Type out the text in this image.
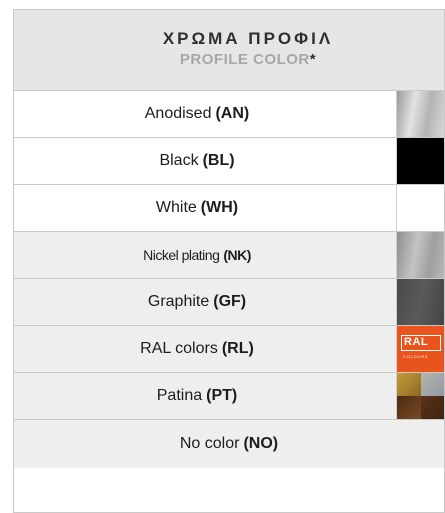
ΧΡΩΜΑ ΠΡΟΦΙΛ
PROFILE COLOR*
Anodised (AN)
Black (BL)
White (WH)
Nickel plating (NK)
Graphite (GF)
RAL colors (RL)	RAL
COLOURS
Patina (PT)
No color (NO)
